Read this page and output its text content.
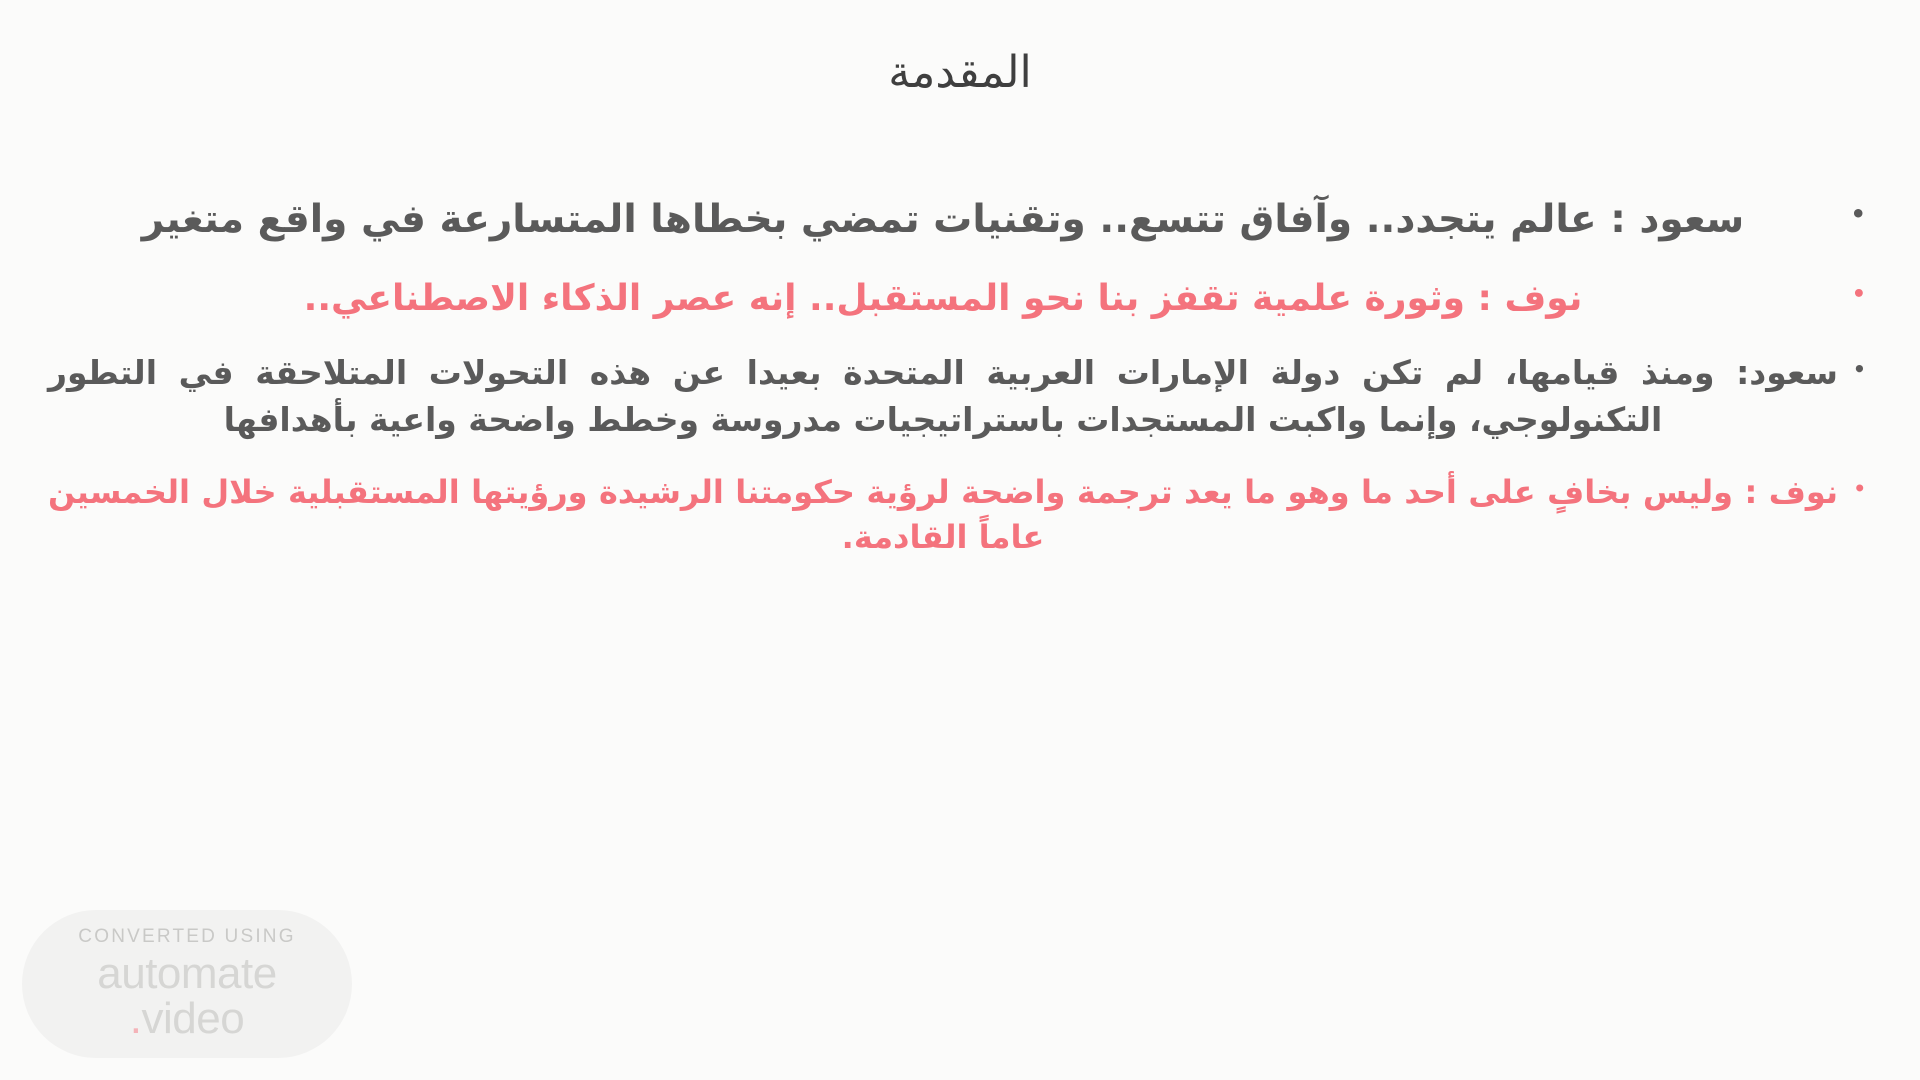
المقدمة
• سعود : عالم يتجدد.. وآفاق تتسع.. وتقنيات تمضي بخطاها المتسارعة في واقع متغير
• نوف : وثورة علمية تقفز بنا نحو المستقبل.. إنه عصر الذكاء الاصطناعي..
• سعود: ومنذ قيامها، لم تكن دولة الإمارات العربية المتحدة بعيدا عن هذه التحولات المتلاحقة في التطور التكنولوجي، وإنما واكبت المستجدات باستراتيجيات مدروسة وخطط واضحة واعية بأهدافها
• نوف : وليس بخافٍ على أحد ما وهو ما يعد ترجمة واضحة لرؤية حكومتنا الرشيدة ورؤيتها المستقبلية خلال الخمسين عاماً القادمة.
CONVERTED USING
automate
.video
